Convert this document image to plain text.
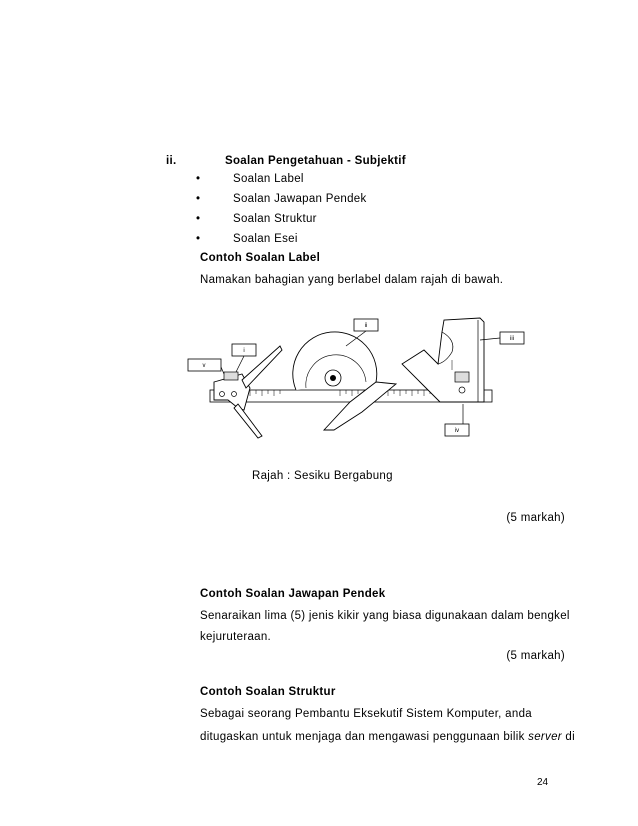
ii.	Soalan Pengetahuan - Subjektif
•	Soalan Label
•	Soalan Jawapan Pendek
•	Soalan Struktur
•	Soalan Esei
Contoh Soalan Label
Namakan bahagian yang berlabel dalam rajah di bawah.
i
ii
iii
iv
v
Rajah : Sesiku Bergabung
(5 markah)
Contoh Soalan Jawapan Pendek
Senaraikan lima (5) jenis kikir yang biasa digunakaan dalam bengkel
kejuruteraan.
(5 markah)
Contoh Soalan Struktur
Sebagai seorang Pembantu Eksekutif Sistem Komputer, anda
ditugaskan untuk menjaga dan mengawasi penggunaan bilik server di
24
